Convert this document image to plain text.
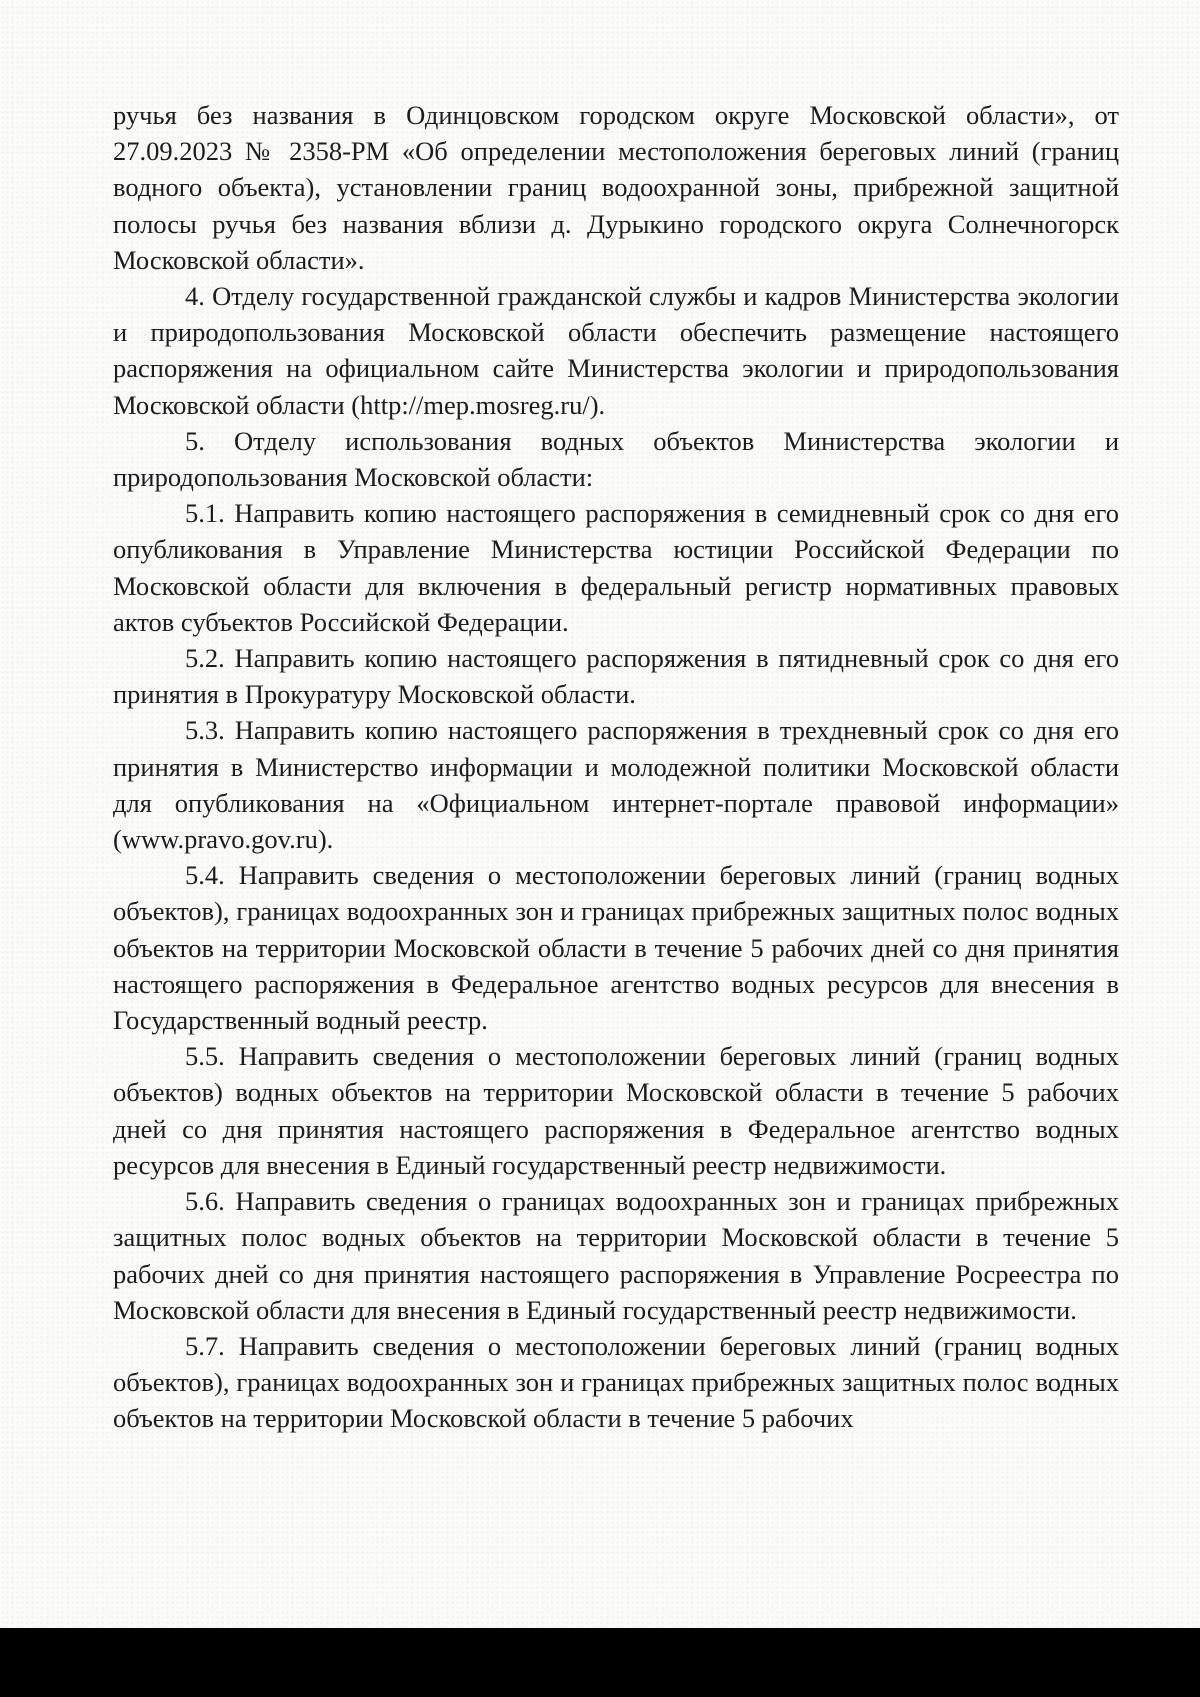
ручья без названия в Одинцовском городском округе Московской области», от 27.09.2023 № 2358-РМ «Об определении местоположения береговых линий (границ водного объекта), установлении границ водоохранной зоны, прибрежной защитной полосы ручья без названия вблизи д. Дурыкино городского округа Солнечногорск Московской области».

4. Отделу государственной гражданской службы и кадров Министерства экологии и природопользования Московской области обеспечить размещение настоящего распоряжения на официальном сайте Министерства экологии и природопользования Московской области (http://mep.mosreg.ru/).

5. Отделу использования водных объектов Министерства экологии и природопользования Московской области:

5.1. Направить копию настоящего распоряжения в семидневный срок со дня его опубликования в Управление Министерства юстиции Российской Федерации по Московской области для включения в федеральный регистр нормативных правовых актов субъектов Российской Федерации.

5.2. Направить копию настоящего распоряжения в пятидневный срок со дня его принятия в Прокуратуру Московской области.

5.3. Направить копию настоящего распоряжения в трехдневный срок со дня его принятия в Министерство информации и молодежной политики Московской области для опубликования на «Официальном интернет-портале правовой информации» (www.pravo.gov.ru).

5.4. Направить сведения о местоположении береговых линий (границ водных объектов), границах водоохранных зон и границах прибрежных защитных полос водных объектов на территории Московской области в течение 5 рабочих дней со дня принятия настоящего распоряжения в Федеральное агентство водных ресурсов для внесения в Государственный водный реестр.

5.5. Направить сведения о местоположении береговых линий (границ водных объектов) водных объектов на территории Московской области в течение 5 рабочих дней со дня принятия настоящего распоряжения в Федеральное агентство водных ресурсов для внесения в Единый государственный реестр недвижимости.

5.6. Направить сведения о границах водоохранных зон и границах прибрежных защитных полос водных объектов на территории Московской области в течение 5 рабочих дней со дня принятия настоящего распоряжения в Управление Росреестра по Московской области для внесения в Единый государственный реестр недвижимости.

5.7. Направить сведения о местоположении береговых линий (границ водных объектов), границах водоохранных зон и границах прибрежных защитных полос водных объектов на территории Московской области в течение 5 рабочих
